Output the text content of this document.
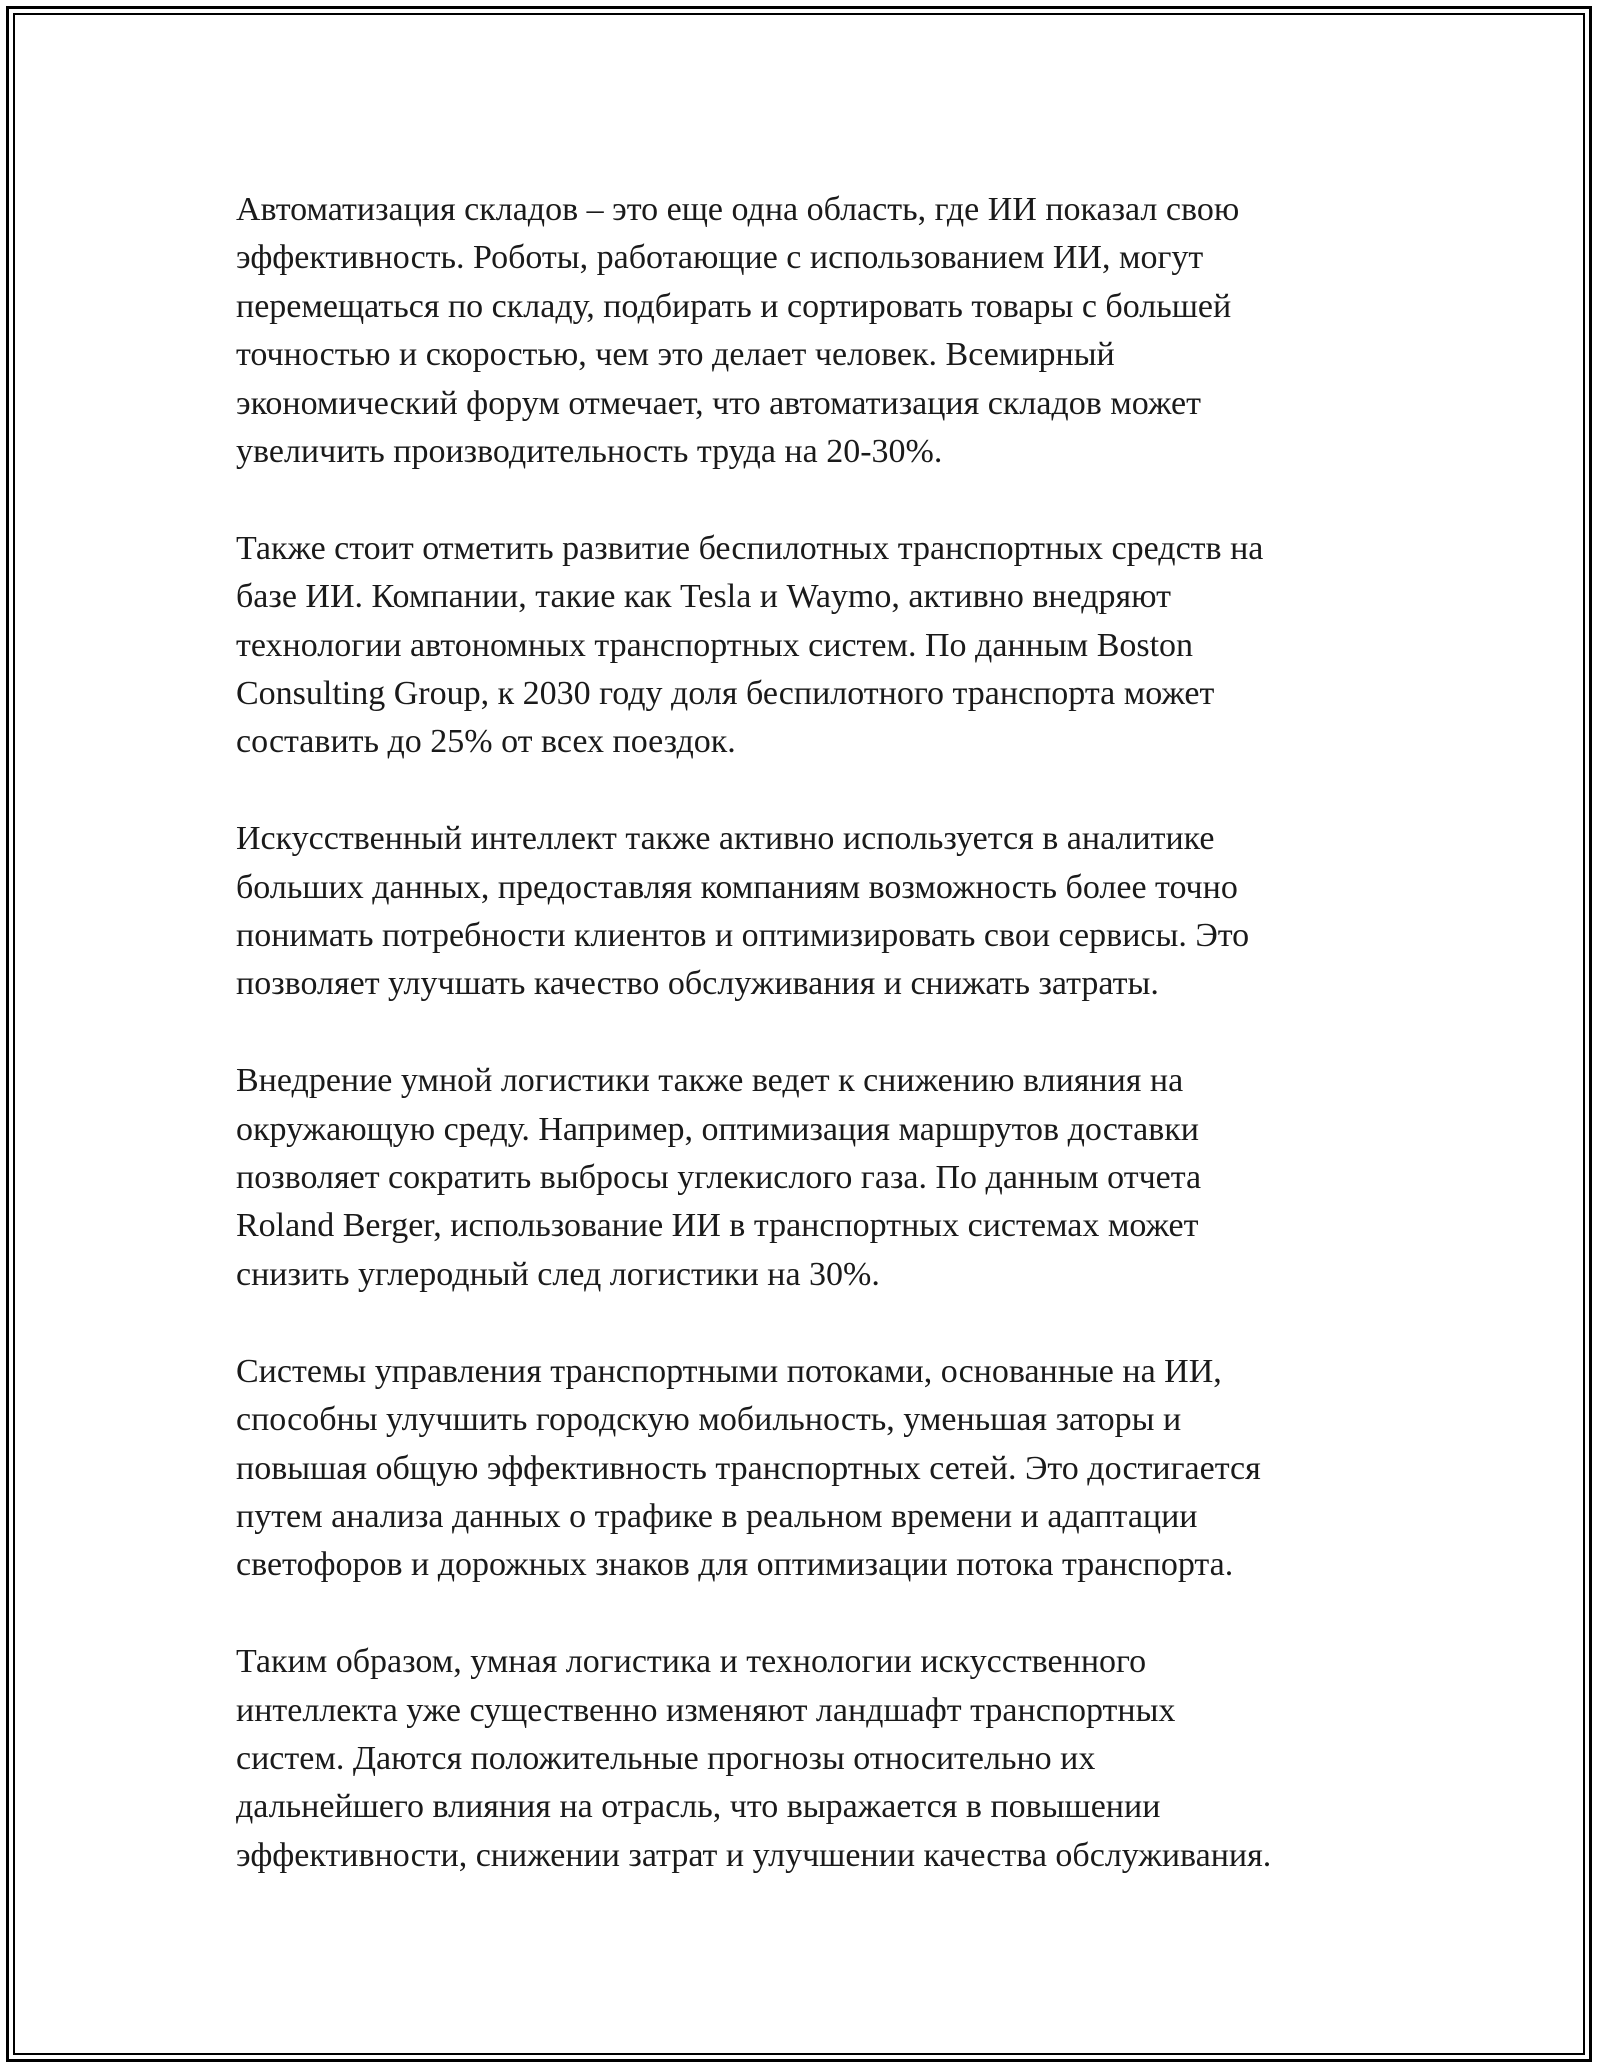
Автоматизация складов – это еще одна область, где ИИ показал свою
эффективность. Роботы, работающие с использованием ИИ, могут
перемещаться по складу, подбирать и сортировать товары с большей
точностью и скоростью, чем это делает человек. Всемирный
экономический форум отмечает, что автоматизация складов может
увеличить производительность труда на 20-30%.

Также стоит отметить развитие беспилотных транспортных средств на
базе ИИ. Компании, такие как Tesla и Waymo, активно внедряют
технологии автономных транспортных систем. По данным Boston
Consulting Group, к 2030 году доля беспилотного транспорта может
составить до 25% от всех поездок.

Искусственный интеллект также активно используется в аналитике
больших данных, предоставляя компаниям возможность более точно
понимать потребности клиентов и оптимизировать свои сервисы. Это
позволяет улучшать качество обслуживания и снижать затраты.

Внедрение умной логистики также ведет к снижению влияния на
окружающую среду. Например, оптимизация маршрутов доставки
позволяет сократить выбросы углекислого газа. По данным отчета
Roland Berger, использование ИИ в транспортных системах может
снизить углеродный след логистики на 30%.

Системы управления транспортными потоками, основанные на ИИ,
способны улучшить городскую мобильность, уменьшая заторы и
повышая общую эффективность транспортных сетей. Это достигается
путем анализа данных о трафике в реальном времени и адаптации
светофоров и дорожных знаков для оптимизации потока транспорта.

Таким образом, умная логистика и технологии искусственного
интеллекта уже существенно изменяют ландшафт транспортных
систем. Даются положительные прогнозы относительно их
дальнейшего влияния на отрасль, что выражается в повышении
эффективности, снижении затрат и улучшении качества обслуживания.
